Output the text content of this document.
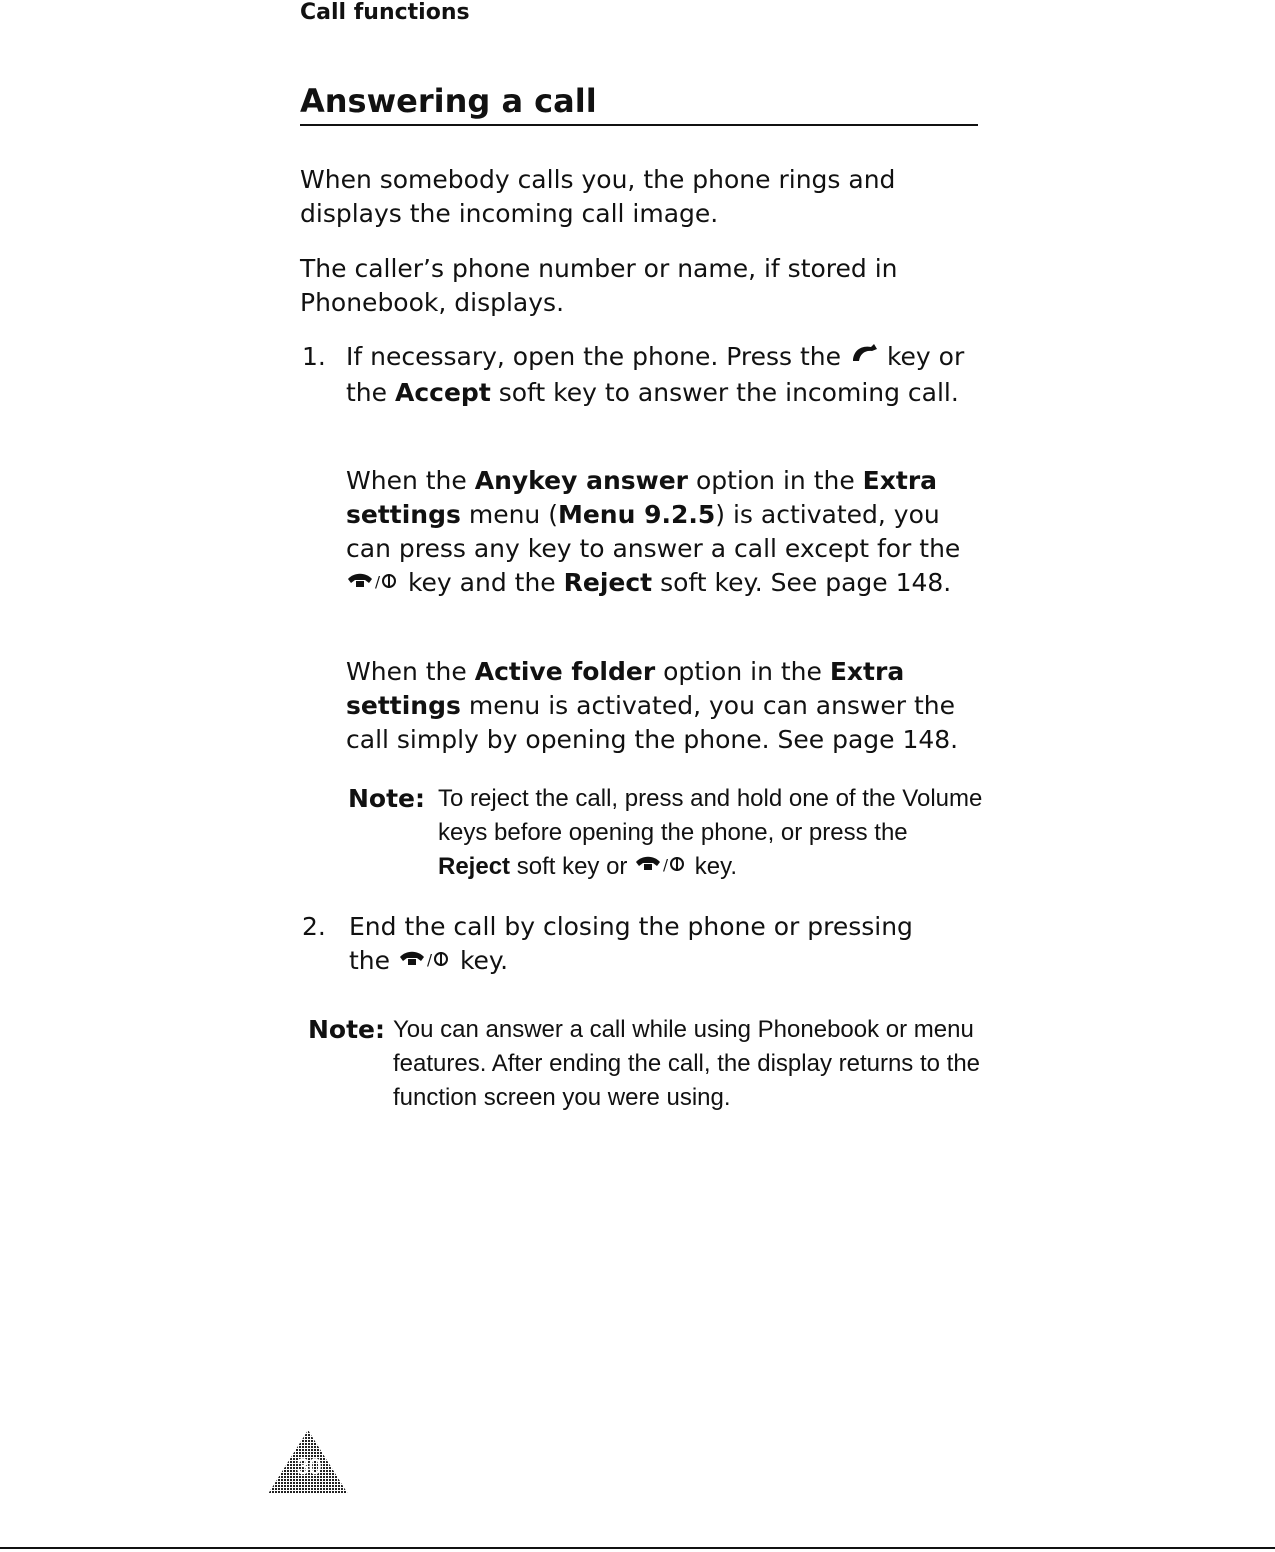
Call functions
Answering a call

When somebody calls you, the phone rings and displays the incoming call image.

The caller’s phone number or name, if stored in Phonebook, displays.

1. If necessary, open the phone. Press the key or the Accept soft key to answer the incoming call.

When the Anykey answer option in the Extra settings menu (Menu 9.2.5) is activated, you can press any key to answer a call except for the
/ key and the Reject soft key. See page 148.

When the Active folder option in the Extra settings menu is activated, you can answer the call simply by opening the phone. See page 148.

Note: To reject the call, press and hold one of the Volume keys before opening the phone, or press the Reject soft key or / key.

2. End the call by closing the phone or pressing the / key.

Note: You can answer a call while using Phonebook or menu features. After ending the call, the display returns to the function screen you were using.

30
